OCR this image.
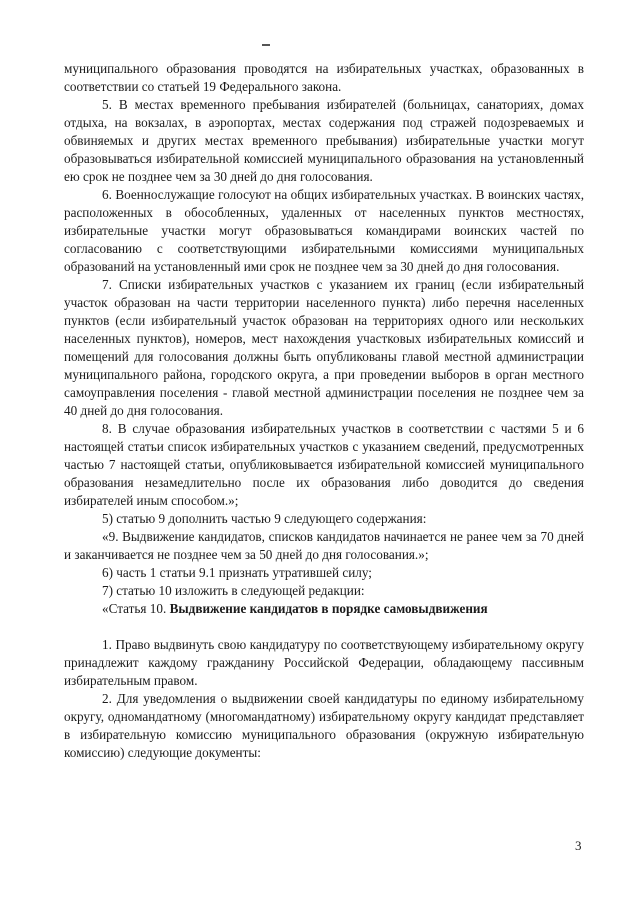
муниципального образования проводятся на избирательных участках, образованных в соответствии со статьей 19 Федерального закона.

5. В местах временного пребывания избирателей (больницах, санаториях, домах отдыха, на вокзалах, в аэропортах, местах содержания под стражей подозреваемых и обвиняемых и других местах временного пребывания) избирательные участки могут образовываться избирательной комиссией муниципального образования на установленный ею срок не позднее чем за 30 дней до дня голосования.

6. Военнослужащие голосуют на общих избирательных участках. В воинских частях, расположенных в обособленных, удаленных от населенных пунктов местностях, избирательные участки могут образовываться командирами воинских частей по согласованию с соответствующими избирательными комиссиями муниципальных образований на установленный ими срок не позднее чем за 30 дней до дня голосования.

7. Списки избирательных участков с указанием их границ (если избирательный участок образован на части территории населенного пункта) либо перечня населенных пунктов (если избирательный участок образован на территориях одного или нескольких населенных пунктов), номеров, мест нахождения участковых избирательных комиссий и помещений для голосования должны быть опубликованы главой местной администрации муниципального района, городского округа, а при проведении выборов в орган местного самоуправления поселения - главой местной администрации поселения не позднее чем за 40 дней до дня голосования.

8. В случае образования избирательных участков в соответствии с частями 5 и 6 настоящей статьи список избирательных участков с указанием сведений, предусмотренных частью 7 настоящей статьи, опубликовывается избирательной комиссией муниципального образования незамедлительно после их образования либо доводится до сведения избирателей иным способом.»;

5) статью 9 дополнить частью 9 следующего содержания:

«9. Выдвижение кандидатов, списков кандидатов начинается не ранее чем за 70 дней и заканчивается не позднее чем за 50 дней до дня голосования.»;

6) часть 1 статьи 9.1 признать утратившей силу;

7) статью 10 изложить в следующей редакции:

«Статья 10. Выдвижение кандидатов в порядке самовыдвижения

1. Право выдвинуть свою кандидатуру по соответствующему избирательному округу принадлежит каждому гражданину Российской Федерации, обладающему пассивным избирательным правом.

2. Для уведомления о выдвижении своей кандидатуры по единому избирательному округу, одномандатному (многомандатному) избирательному округу кандидат представляет в избирательную комиссию муниципального образования (окружную избирательную комиссию) следующие документы:

3
